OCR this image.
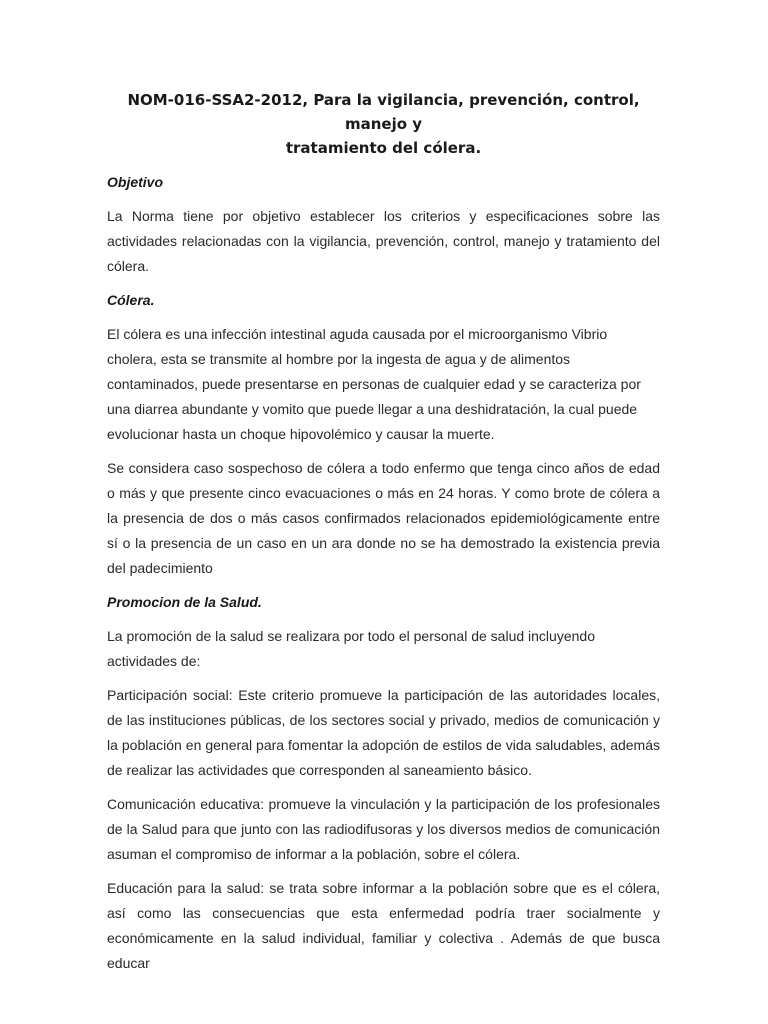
NOM-016-SSA2-2012, Para la vigilancia, prevención, control, manejo y
tratamiento del cólera.
Objetivo

La Norma tiene por objetivo establecer los criterios y especificaciones sobre las actividades relacionadas con la vigilancia, prevención, control, manejo y tratamiento del cólera.

Cólera.

El cólera es una infección intestinal aguda causada por el microorganismo Vibrio cholera, esta se transmite al hombre por la ingesta de agua y de alimentos contaminados, puede presentarse en personas de cualquier edad y se caracteriza por una diarrea abundante y vomito que puede llegar a una deshidratación, la cual puede evolucionar hasta un choque hipovolémico y causar la muerte.

Se considera caso sospechoso de cólera a todo enfermo que tenga cinco años de edad o más y que presente cinco evacuaciones o más en 24 horas. Y como brote de cólera a la presencia de dos o más casos confirmados relacionados epidemiológicamente entre sí o la presencia de un caso en un ara donde no se ha demostrado la existencia previa del padecimiento

Promocion de la Salud.

La promoción de la salud se realizara por todo el personal de salud incluyendo actividades de:

Participación social: Este criterio promueve la participación de las autoridades locales, de las instituciones públicas, de los sectores social y privado, medios de comunicación y la población en general para fomentar la adopción de estilos de vida saludables, además de realizar las actividades que corresponden al saneamiento básico.

Comunicación educativa: promueve la vinculación y la participación de los profesionales de la Salud para que junto con las radiodifusoras y los diversos medios de comunicación asuman el compromiso de informar a la población, sobre el cólera.

Educación para la salud: se trata sobre informar a la población sobre que es el cólera, así como las consecuencias que esta enfermedad podría traer socialmente y económicamente en la salud individual, familiar y colectiva . Además de que busca educar
